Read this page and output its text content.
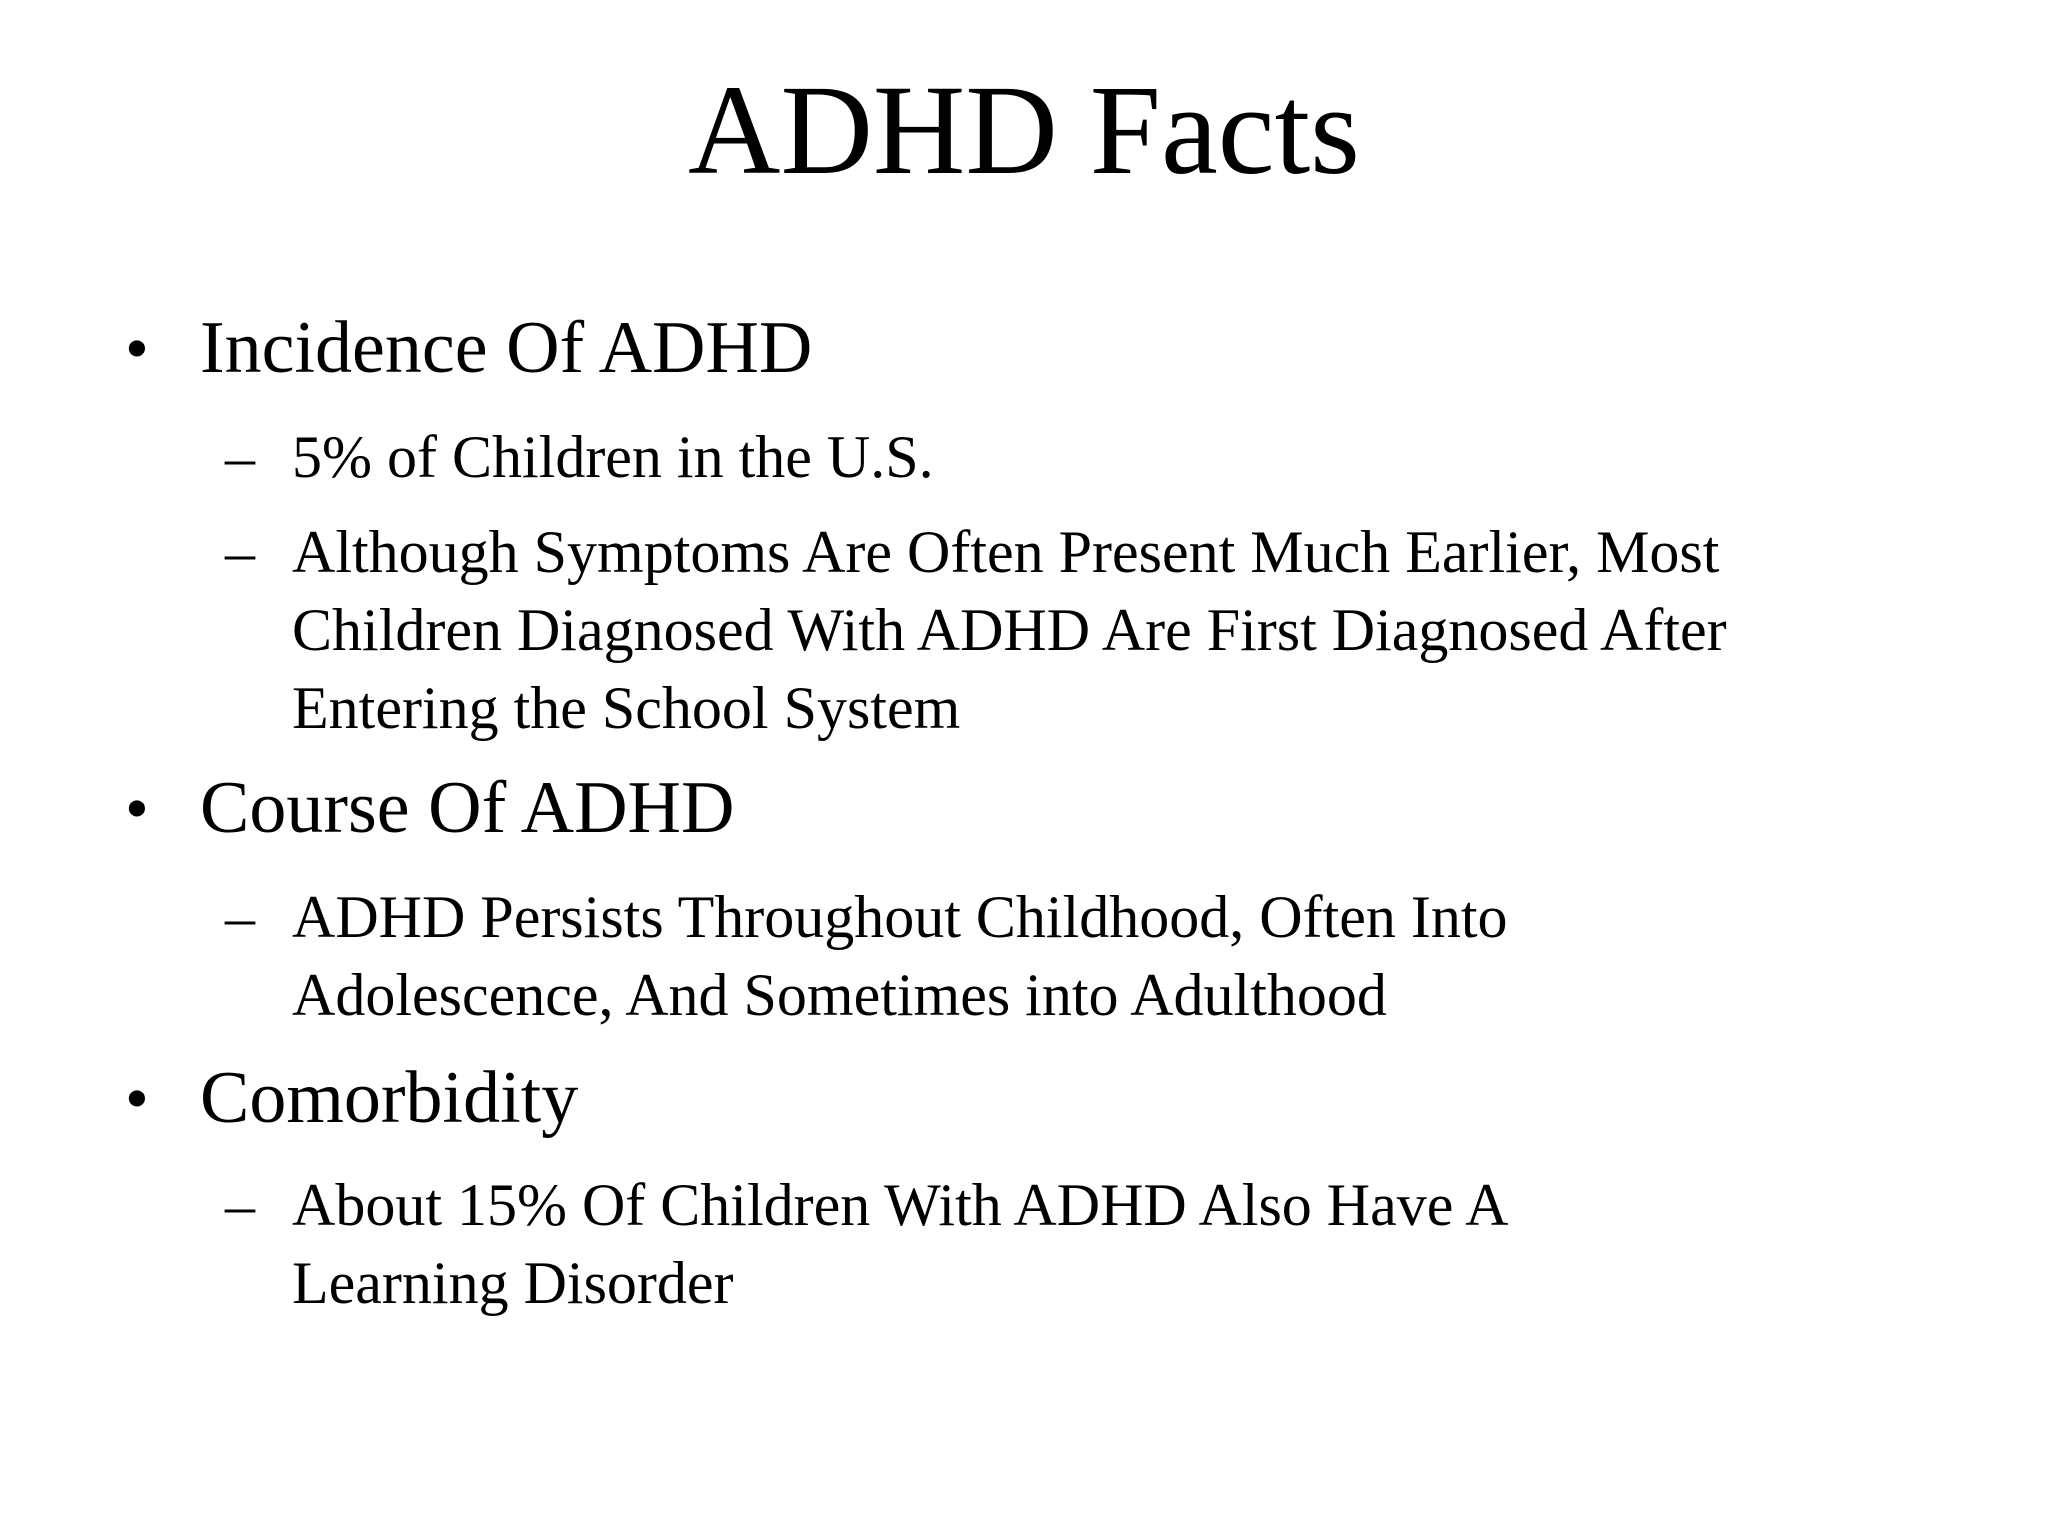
ADHD Facts
• Incidence Of ADHD
– 5% of Children in the U.S.
– Although Symptoms Are Often Present Much Earlier, Most
Children Diagnosed With ADHD Are First Diagnosed After
Entering the School System
• Course Of ADHD
– ADHD Persists Throughout Childhood, Often Into
Adolescence, And Sometimes into Adulthood
• Comorbidity
– About 15% Of Children With ADHD Also Have A
Learning Disorder
